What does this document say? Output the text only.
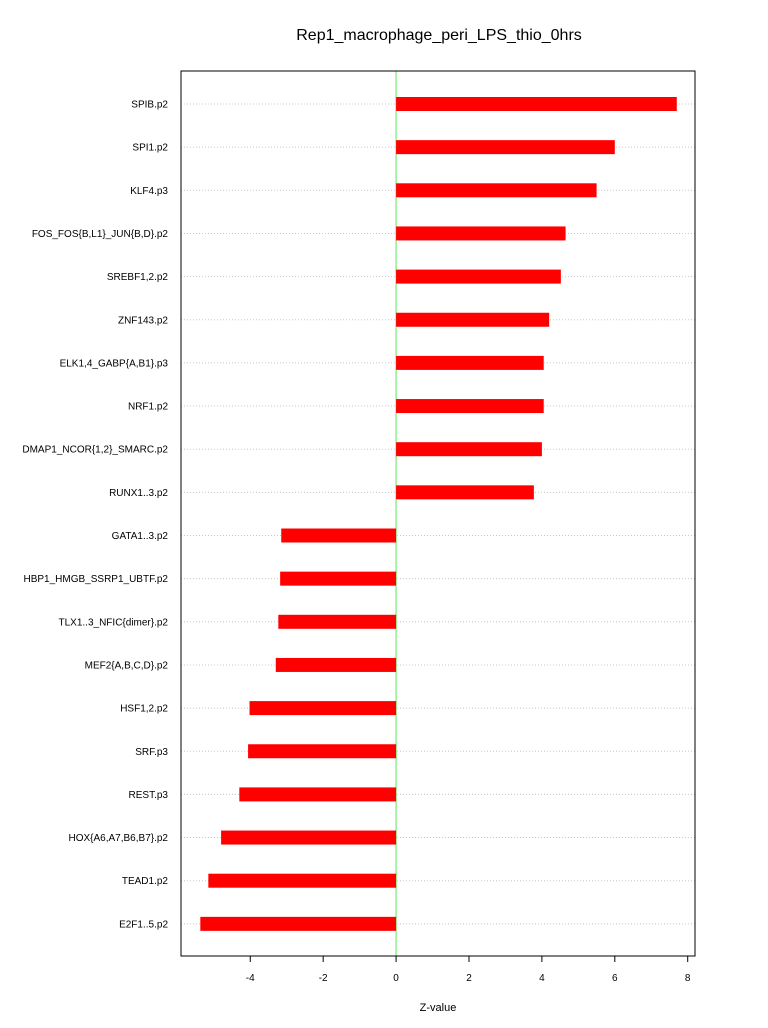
Rep1_macrophage_peri_LPS_thio_0hrs
SPIB.p2
SPI1.p2
KLF4.p3
FOS_FOS{B,L1}_JUN{B,D}.p2
SREBF1,2.p2
ZNF143.p2
ELK1,4_GABP{A,B1}.p3
NRF1.p2
DMAP1_NCOR{1,2}_SMARC.p2
RUNX1..3.p2
GATA1..3.p2
HBP1_HMGB_SSRP1_UBTF.p2
TLX1..3_NFIC{dimer}.p2
MEF2{A,B,C,D}.p2
HSF1,2.p2
SRF.p3
REST.p3
HOX{A6,A7,B6,B7}.p2
TEAD1.p2
E2F1..5.p2
-4	-2	0	2	4	6	8
Z-value
